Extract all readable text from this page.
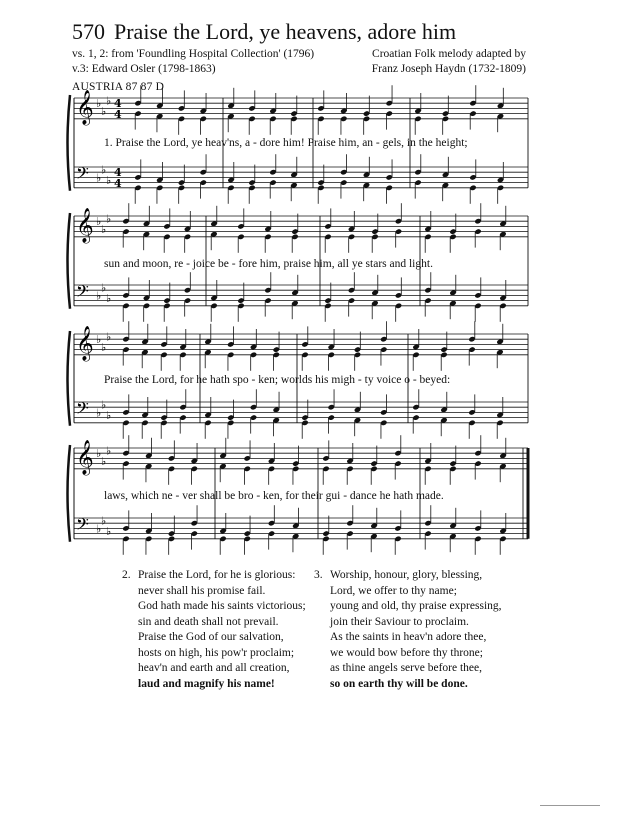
570 Praise the Lord, ye heavens, adore him
vs. 1, 2: from 'Foundling Hospital Collection' (1796)
v.3: Edward Osler (1798-1863)
Croatian Folk melody adapted by
Franz Joseph Haydn (1732-1809)
AUSTRIA 87 87 D
𝄞 ♭
♭
♭ 4
4
𝄢 ♭
♭
♭
4
4
𝄞 ♭
♭
♭
𝄢 ♭
♭
♭
𝄞 ♭
♭
♭
𝄢 ♭
♭
♭
𝄞 ♭
♭
♭
𝄢 ♭
♭
♭
1. Praise the Lord, ye heav'ns, a - dore him! Praise him, an - gels, in the height;
sun and moon, re - joice be - fore him, praise him, all ye stars and light.
Praise the Lord, for he hath spo - ken; worlds his migh - ty voice o - beyed:
laws, which ne - ver shall be bro - ken, for their gui - dance he hath made.
2. Praise the Lord, for he is glorious:
never shall his promise fail.
God hath made his saints victorious;
sin and death shall not prevail.
Praise the God of our salvation,
hosts on high, his pow'r proclaim;
heav'n and earth and all creation,
laud and magnify his name!
3. Worship, honour, glory, blessing,
Lord, we offer to thy name;
young and old, thy praise expressing,
join their Saviour to proclaim.
As the saints in heav'n adore thee,
we would bow before thy throne;
as thine angels serve before thee,
so on earth thy will be done.
